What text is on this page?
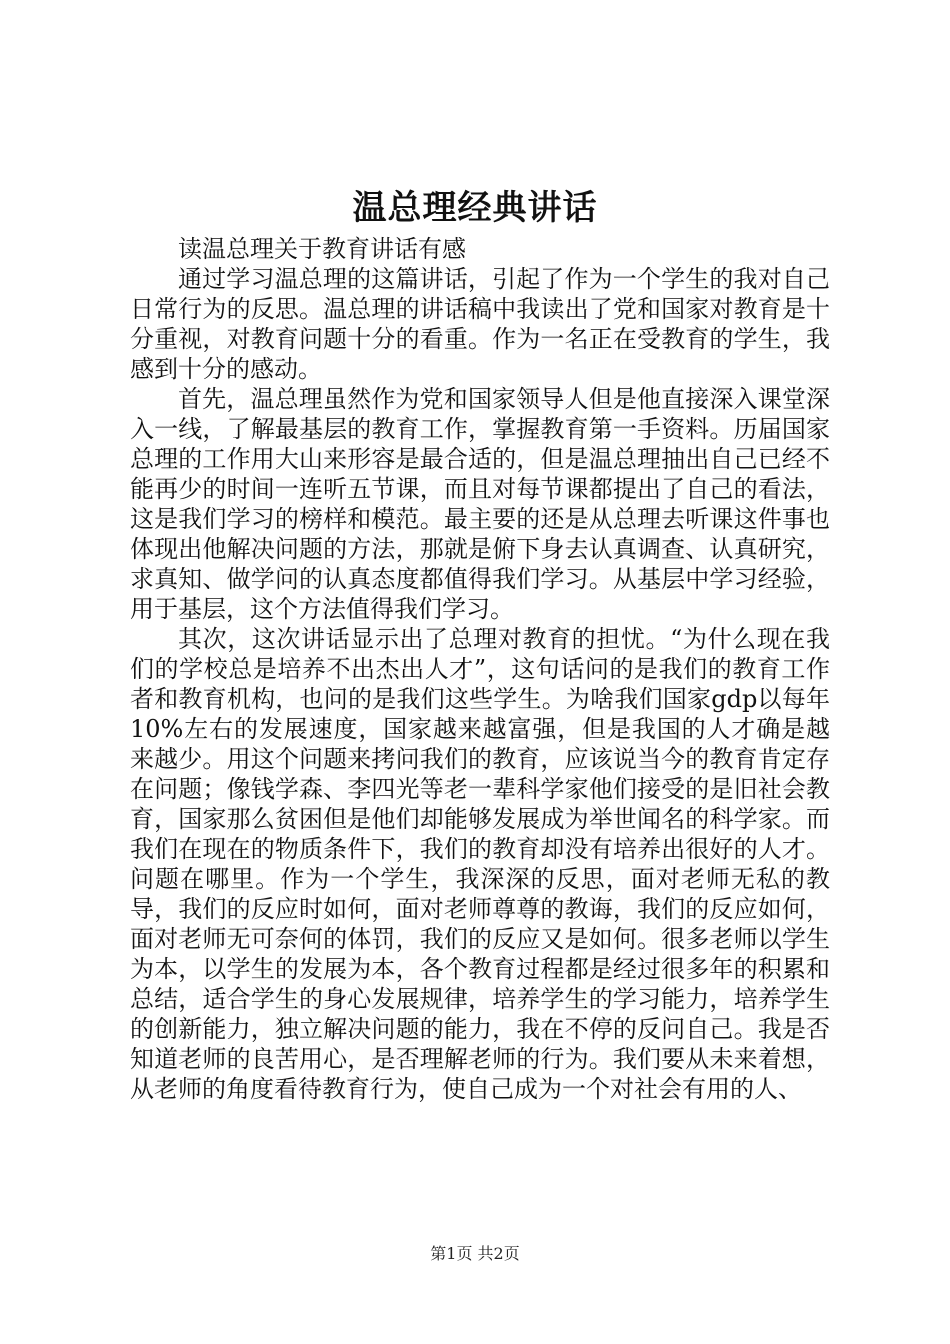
温总理经典讲话

读温总理关于教育讲话有感

通过学习温总理的这篇讲话，引起了作为一个学生的我对自己日常行为的反思。温总理的讲话稿中我读出了党和国家对教育是十分重视，对教育问题十分的看重。作为一名正在受教育的学生，我感到十分的感动。

首先，温总理虽然作为党和国家领导人但是他直接深入课堂深入一线，了解最基层的教育工作，掌握教育第一手资料。历届国家总理的工作用大山来形容是最合适的，但是温总理抽出自己已经不能再少的时间一连听五节课，而且对每节课都提出了自己的看法，这是我们学习的榜样和模范。最主要的还是从总理去听课这件事也体现出他解决问题的方法，那就是俯下身去认真调查、认真研究，求真知、做学问的认真态度都值得我们学习。从基层中学习经验，用于基层，这个方法值得我们学习。

其次，这次讲话显示出了总理对教育的担忧。“为什么现在我们的学校总是培养不出杰出人才”，这句话问的是我们的教育工作者和教育机构，也问的是我们这些学生。为啥我们国家gdp以每年10%左右的发展速度，国家越来越富强，但是我国的人才确是越来越少。用这个问题来拷问我们的教育，应该说当今的教育肯定存在问题；像钱学森、李四光等老一辈科学家他们接受的是旧社会教育，国家那么贫困但是他们却能够发展成为举世闻名的科学家。而我们在现在的物质条件下，我们的教育却没有培养出很好的人才。问题在哪里。作为一个学生，我深深的反思，面对老师无私的教导，我们的反应时如何，面对老师尊尊的教诲，我们的反应如何，面对老师无可奈何的体罚，我们的反应又是如何。很多老师以学生为本，以学生的发展为本，各个教育过程都是经过很多年的积累和总结，适合学生的身心发展规律，培养学生的学习能力，培养学生的创新能力，独立解决问题的能力，我在不停的反问自己。我是否知道老师的良苦用心，是否理解老师的行为。我们要从未来着想，从老师的角度看待教育行为，使自己成为一个对社会有用的人、

第1页 共2页
